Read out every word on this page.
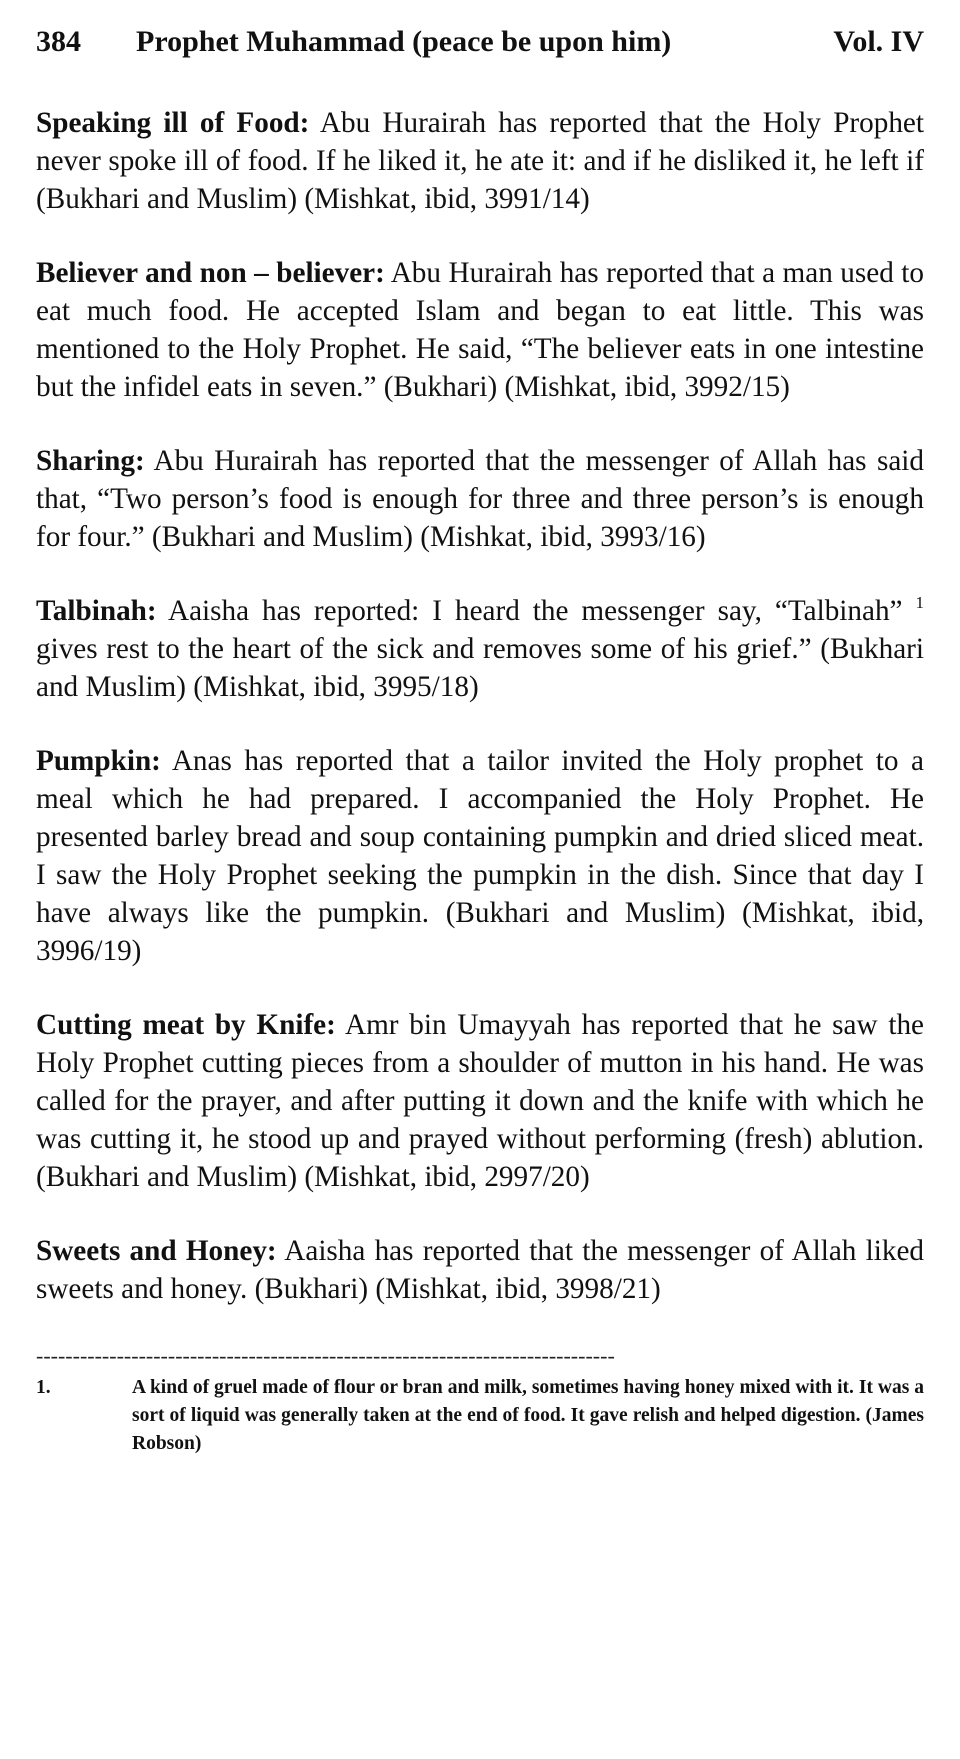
384	Prophet Muhammad (peace be upon him)	Vol. IV

Speaking ill of Food: Abu Hurairah has reported that the Holy Prophet never spoke ill of food. If he liked it, he ate it: and if he disliked it, he left if (Bukhari and Muslim) (Mishkat, ibid, 3991/14)

Believer and non – believer: Abu Hurairah has reported that a man used to eat much food. He accepted Islam and began to eat little. This was mentioned to the Holy Prophet. He said, “The believer eats in one intestine but the infidel eats in seven.” (Bukhari) (Mishkat, ibid, 3992/15)

Sharing: Abu Hurairah has reported that the messenger of Allah has said that, “Two person’s food is enough for three and three person’s is enough for four.” (Bukhari and Muslim) (Mishkat, ibid, 3993/16)

Talbinah: Aaisha has reported: I heard the messenger say, “Talbinah” $^1$ gives rest to the heart of the sick and removes some of his grief.” (Bukhari and Muslim) (Mishkat, ibid, 3995/18)

Pumpkin: Anas has reported that a tailor invited the Holy prophet to a meal which he had prepared. I accompanied the Holy Prophet. He presented barley bread and soup containing pumpkin and dried sliced meat. I saw the Holy Prophet seeking the pumpkin in the dish. Since that day I have always like the pumpkin. (Bukhari and Muslim) (Mishkat, ibid, 3996/19)

Cutting meat by Knife: Amr bin Umayyah has reported that he saw the Holy Prophet cutting pieces from a shoulder of mutton in his hand. He was called for the prayer, and after putting it down and the knife with which he was cutting it, he stood up and prayed without performing (fresh) ablution. (Bukhari and Muslim) (Mishkat, ibid, 2997/20)

Sweets and Honey: Aaisha has reported that the messenger of Allah liked sweets and honey. (Bukhari) (Mishkat, ibid, 3998/21)

-------------------------------------------------------------------------------
1.	A kind of gruel made of flour or bran and milk, sometimes having honey mixed with it. It was a sort of liquid was generally taken at the end of food. It gave relish and helped digestion. (James Robson)
